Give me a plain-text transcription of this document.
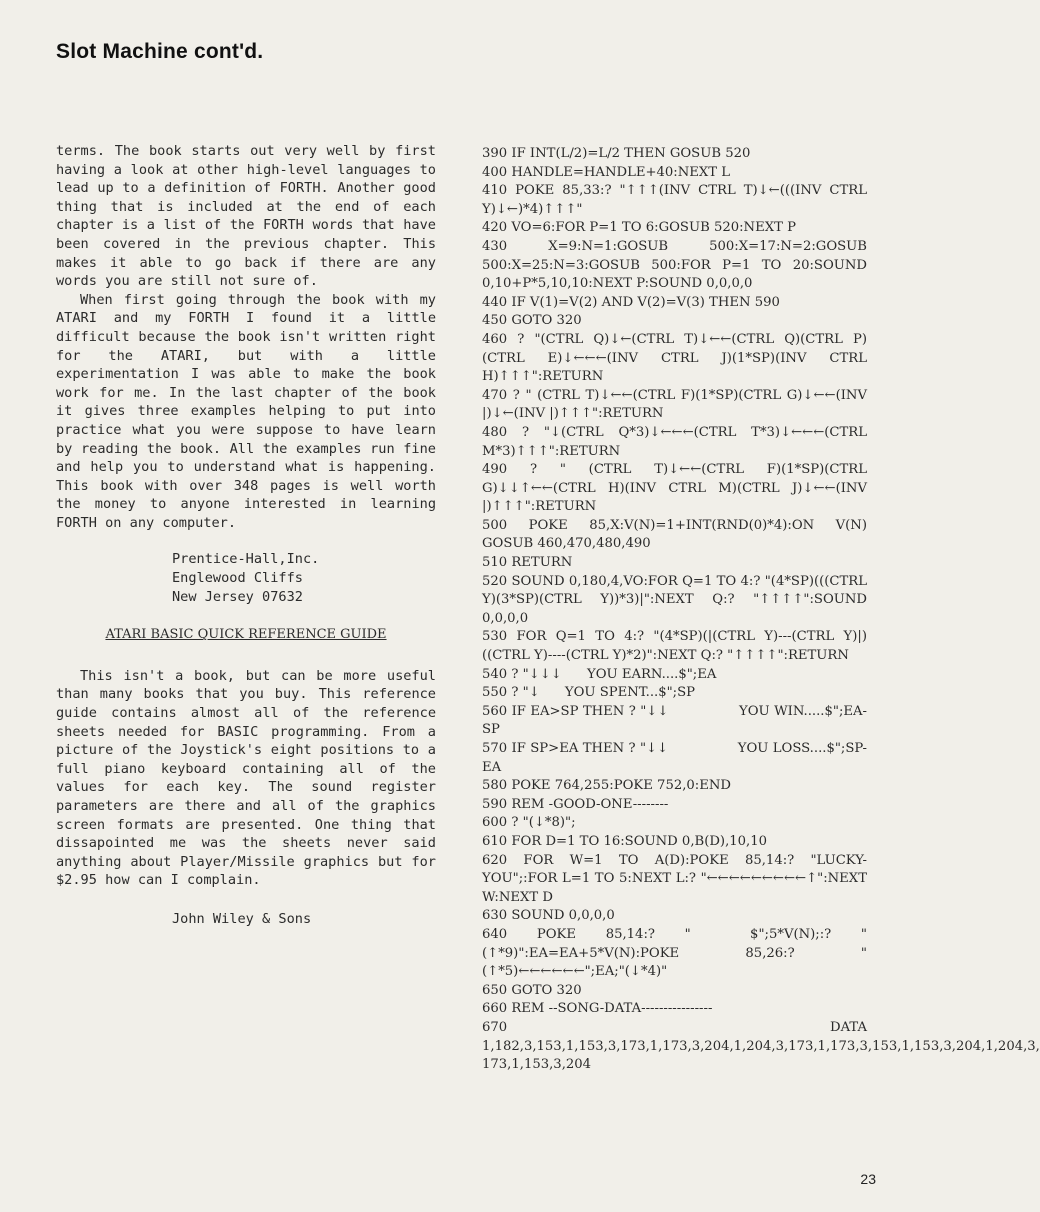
Slot Machine cont'd.

terms. The book starts out very well by first having a look at other high-level languages to lead up to a definition of FORTH. Another good thing that is included at the end of each chapter is a list of the FORTH words that have been covered in the previous chapter. This makes it able to go back if there are any words you are still not sure of.

When first going through the book with my ATARI and my FORTH I found it a little difficult because the book isn't written right for the ATARI, but with a little experimentation I was able to make the book work for me. In the last chapter of the book it gives three examples helping to put into practice what you were suppose to have learn by reading the book. All the examples run fine and help you to understand what is happening. This book with over 348 pages is well worth the money to anyone interested in learning FORTH on any computer.

Prentice-Hall,Inc.
Englewood Cliffs
New Jersey 07632
ATARI BASIC QUICK REFERENCE GUIDE

This isn't a book, but can be more useful than many books that you buy. This reference guide contains almost all of the reference sheets needed for BASIC programming. From a picture of the Joystick's eight positions to a full piano keyboard containing all of the values for each key. The sound register parameters are there and all of the graphics screen formats are presented. One thing that dissapointed me was the sheets never said anything about Player/Missile graphics but for $2.95 how can I complain.

John Wiley & Sons
390 IF INT(L/2)=L/2 THEN GOSUB 520
400 HANDLE=HANDLE+40:NEXT L
410 POKE 85,33:? "↑↑↑(INV CTRL T)↓←(((INV CTRL Y)↓←)*4)↑↑↑"
420 VO=6:FOR P=1 TO 6:GOSUB 520:NEXT P
430 X=9:N=1:GOSUB 500:X=17:N=2:GOSUB 500:X=25:N=3:GOSUB 500:FOR P=1 TO 20:SOUND 0,10+P*5,10,10:NEXT P:SOUND 0,0,0,0
440 IF V(1)=V(2) AND V(2)=V(3) THEN 590
450 GOTO 320
460 ? "(CTRL Q)↓←(CTRL T)↓←←(CTRL Q)(CTRL P)(CTRL E)↓←←←(INV CTRL J)(1*SP)(INV CTRL H)↑↑↑":RETURN
470 ? " (CTRL T)↓←←(CTRL F)(1*SP)(CTRL G)↓←←(INV |)↓←(INV |)↑↑↑":RETURN
480 ? "↓(CTRL Q*3)↓←←←(CTRL T*3)↓←←←(CTRL M*3)↑↑↑":RETURN
490 ? " (CTRL T)↓←←(CTRL F)(1*SP)(CTRL G)↓↓↑←←(CTRL H)(INV CTRL M)(CTRL J)↓←←(INV |)↑↑↑":RETURN
500 POKE 85,X:V(N)=1+INT(RND(0)*4):ON V(N) GOSUB 460,470,480,490
510 RETURN
520 SOUND 0,180,4,VO:FOR Q=1 TO 4:? "(4*SP)(((CTRL Y)(3*SP)(CTRL Y))*3)|":NEXT Q:? "↑↑↑↑":SOUND 0,0,0,0
530 FOR Q=1 TO 4:? "(4*SP)(|(CTRL Y)---(CTRL Y)|)((CTRL Y)----(CTRL Y)*2)":NEXT Q:? "↑↑↑↑":RETURN
540 ? "↓↓↓      YOU EARN....$";EA
550 ? "↓      YOU SPENT...$";SP
560 IF EA>SP THEN ? "↓↓                YOU WIN.....$";EA-SP
570 IF SP>EA THEN ? "↓↓                YOU LOSS....$";SP-EA
580 POKE 764,255:POKE 752,0:END
590 REM -GOOD-ONE--------
600 ? "(↓*8)";
610 FOR D=1 TO 16:SOUND 0,B(D),10,10
620 FOR W=1 TO A(D):POKE 85,14:? "LUCKY-YOU";:FOR L=1 TO 5:NEXT L:? "←←←←←←←←←↑":NEXT W:NEXT D
630 SOUND 0,0,0,0
640 POKE 85,14:? "  $";5*V(N);:? "(↑*9)":EA=EA+5*V(N):POKE 85,26:? "(↑*5)←←←←←←";EA;"(↓*4)"
650 GOTO 320
660 REM --SONG-DATA----------------
670 DATA 1,182,3,153,1,153,3,173,1,173,3,204,1,204,3,173,1,173,3,153,1,153,3,204,1,204,3, 173,1,153,3,204
23
